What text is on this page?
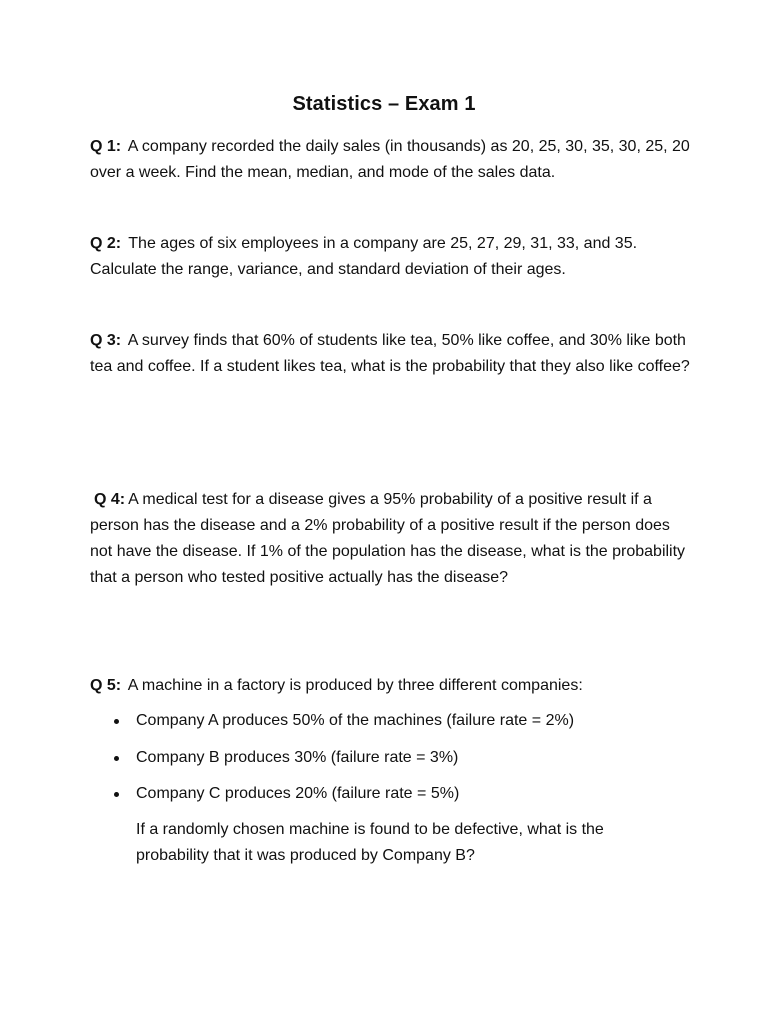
Statistics – Exam 1
Q 1: A company recorded the daily sales (in thousands) as 20, 25, 30, 35, 30, 25, 20 over a week. Find the mean, median, and mode of the sales data.
Q 2: The ages of six employees in a company are 25, 27, 29, 31, 33, and 35. Calculate the range, variance, and standard deviation of their ages.
Q 3: A survey finds that 60% of students like tea, 50% like coffee, and 30% like both tea and coffee. If a student likes tea, what is the probability that they also like coffee?
Q 4: A medical test for a disease gives a 95% probability of a positive result if a person has the disease and a 2% probability of a positive result if the person does not have the disease. If 1% of the population has the disease, what is the probability that a person who tested positive actually has the disease?
Q 5: A machine in a factory is produced by three different companies:
Company A produces 50% of the machines (failure rate = 2%)
Company B produces 30% (failure rate = 3%)
Company C produces 20% (failure rate = 5%)
If a randomly chosen machine is found to be defective, what is the probability that it was produced by Company B?
